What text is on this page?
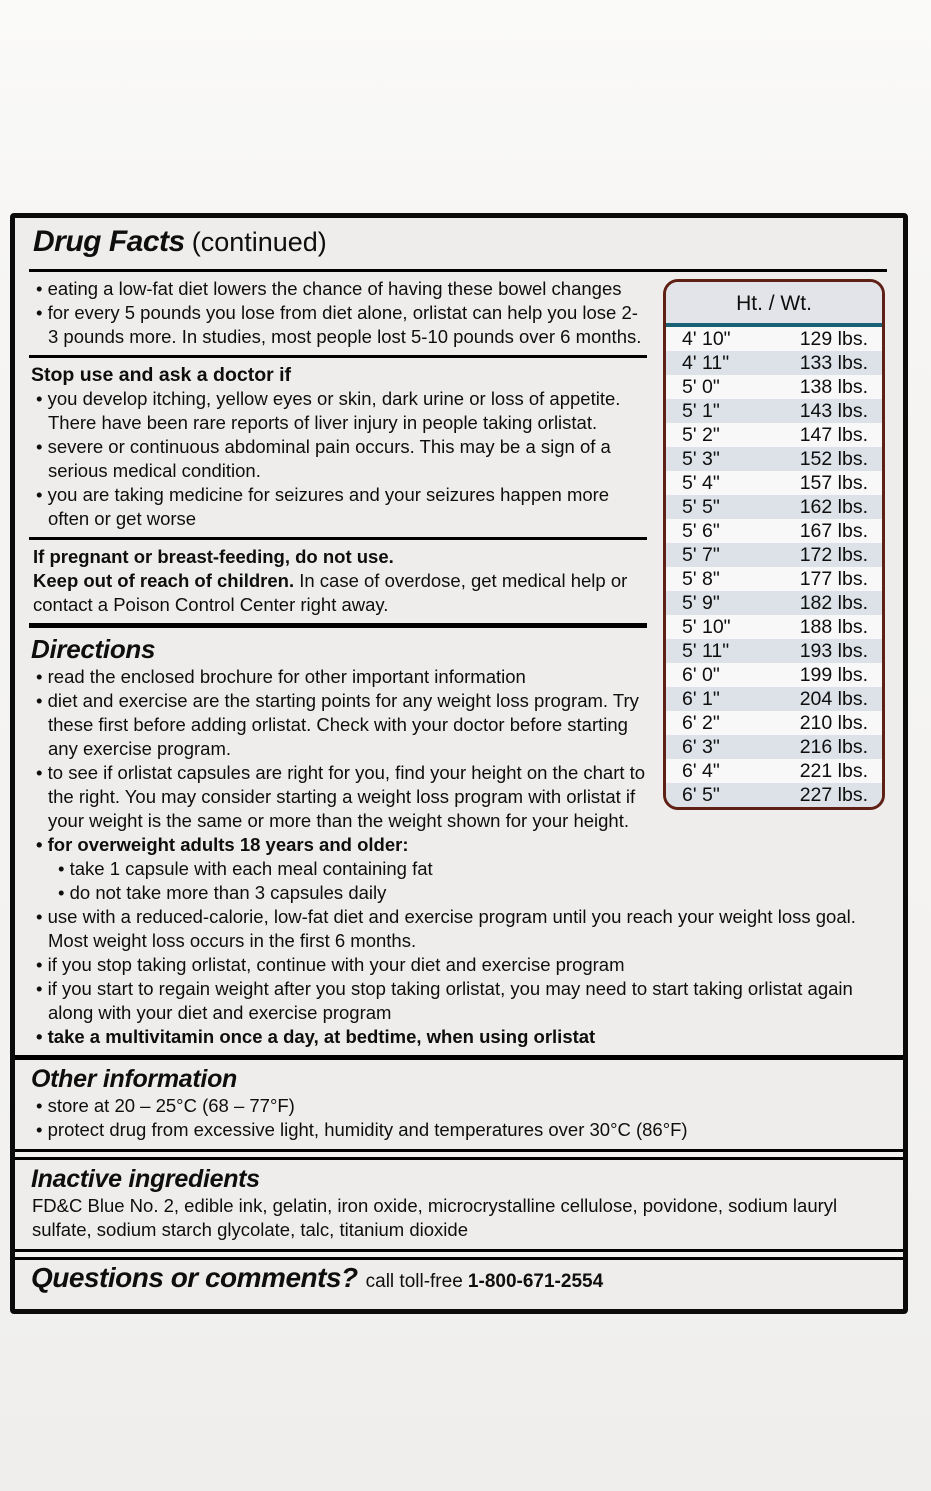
Drug Facts (continued)
Ht. / Wt.
4' 10"	129 lbs.
4' 11"	133 lbs.
5' 0"	138 lbs.
5' 1"	143 lbs.
5' 2"	147 lbs.
5' 3"	152 lbs.
5' 4"	157 lbs.
5' 5"	162 lbs.
5' 6"	167 lbs.
5' 7"	172 lbs.
5' 8"	177 lbs.
5' 9"	182 lbs.
5' 10"	188 lbs.
5' 11"	193 lbs.
6' 0"	199 lbs.
6' 1"	204 lbs.
6' 2"	210 lbs.
6' 3"	216 lbs.
6' 4"	221 lbs.
6' 5"	227 lbs.
• eating a low-fat diet lowers the chance of having these bowel changes
• for every 5 pounds you lose from diet alone, orlistat can help you lose 2-3 pounds more. In studies, most people lost 5-10 pounds over 6 months.
Stop use and ask a doctor if
• you develop itching, yellow eyes or skin, dark urine or loss of appetite. There have been rare reports of liver injury in people taking orlistat.
• severe or continuous abdominal pain occurs. This may be a sign of a serious medical condition.
• you are taking medicine for seizures and your seizures happen more often or get worse
If pregnant or breast-feeding, do not use.
Keep out of reach of children. In case of overdose, get medical help or contact a Poison Control Center right away.
Directions
• read the enclosed brochure for other important information
• diet and exercise are the starting points for any weight loss program. Try these first before adding orlistat. Check with your doctor before starting any exercise program.
• to see if orlistat capsules are right for you, find your height on the chart to the right. You may consider starting a weight loss program with orlistat if your weight is the same or more than the weight shown for your height.
• for overweight adults 18 years and older:
• take 1 capsule with each meal containing fat
• do not take more than 3 capsules daily
• use with a reduced-calorie, low-fat diet and exercise program until you reach your weight loss goal. Most weight loss occurs in the first 6 months.
• if you stop taking orlistat, continue with your diet and exercise program
• if you start to regain weight after you stop taking orlistat, you may need to start taking orlistat again along with your diet and exercise program
• take a multivitamin once a day, at bedtime, when using orlistat
Other information
• store at 20 – 25°C (68 – 77°F)
• protect drug from excessive light, humidity and temperatures over 30°C (86°F)
Inactive ingredients
FD&C Blue No. 2, edible ink, gelatin, iron oxide, microcrystalline cellulose, povidone, sodium lauryl sulfate, sodium starch glycolate, talc, titanium dioxide
Questions or comments? call toll-free 1-800-671-2554
